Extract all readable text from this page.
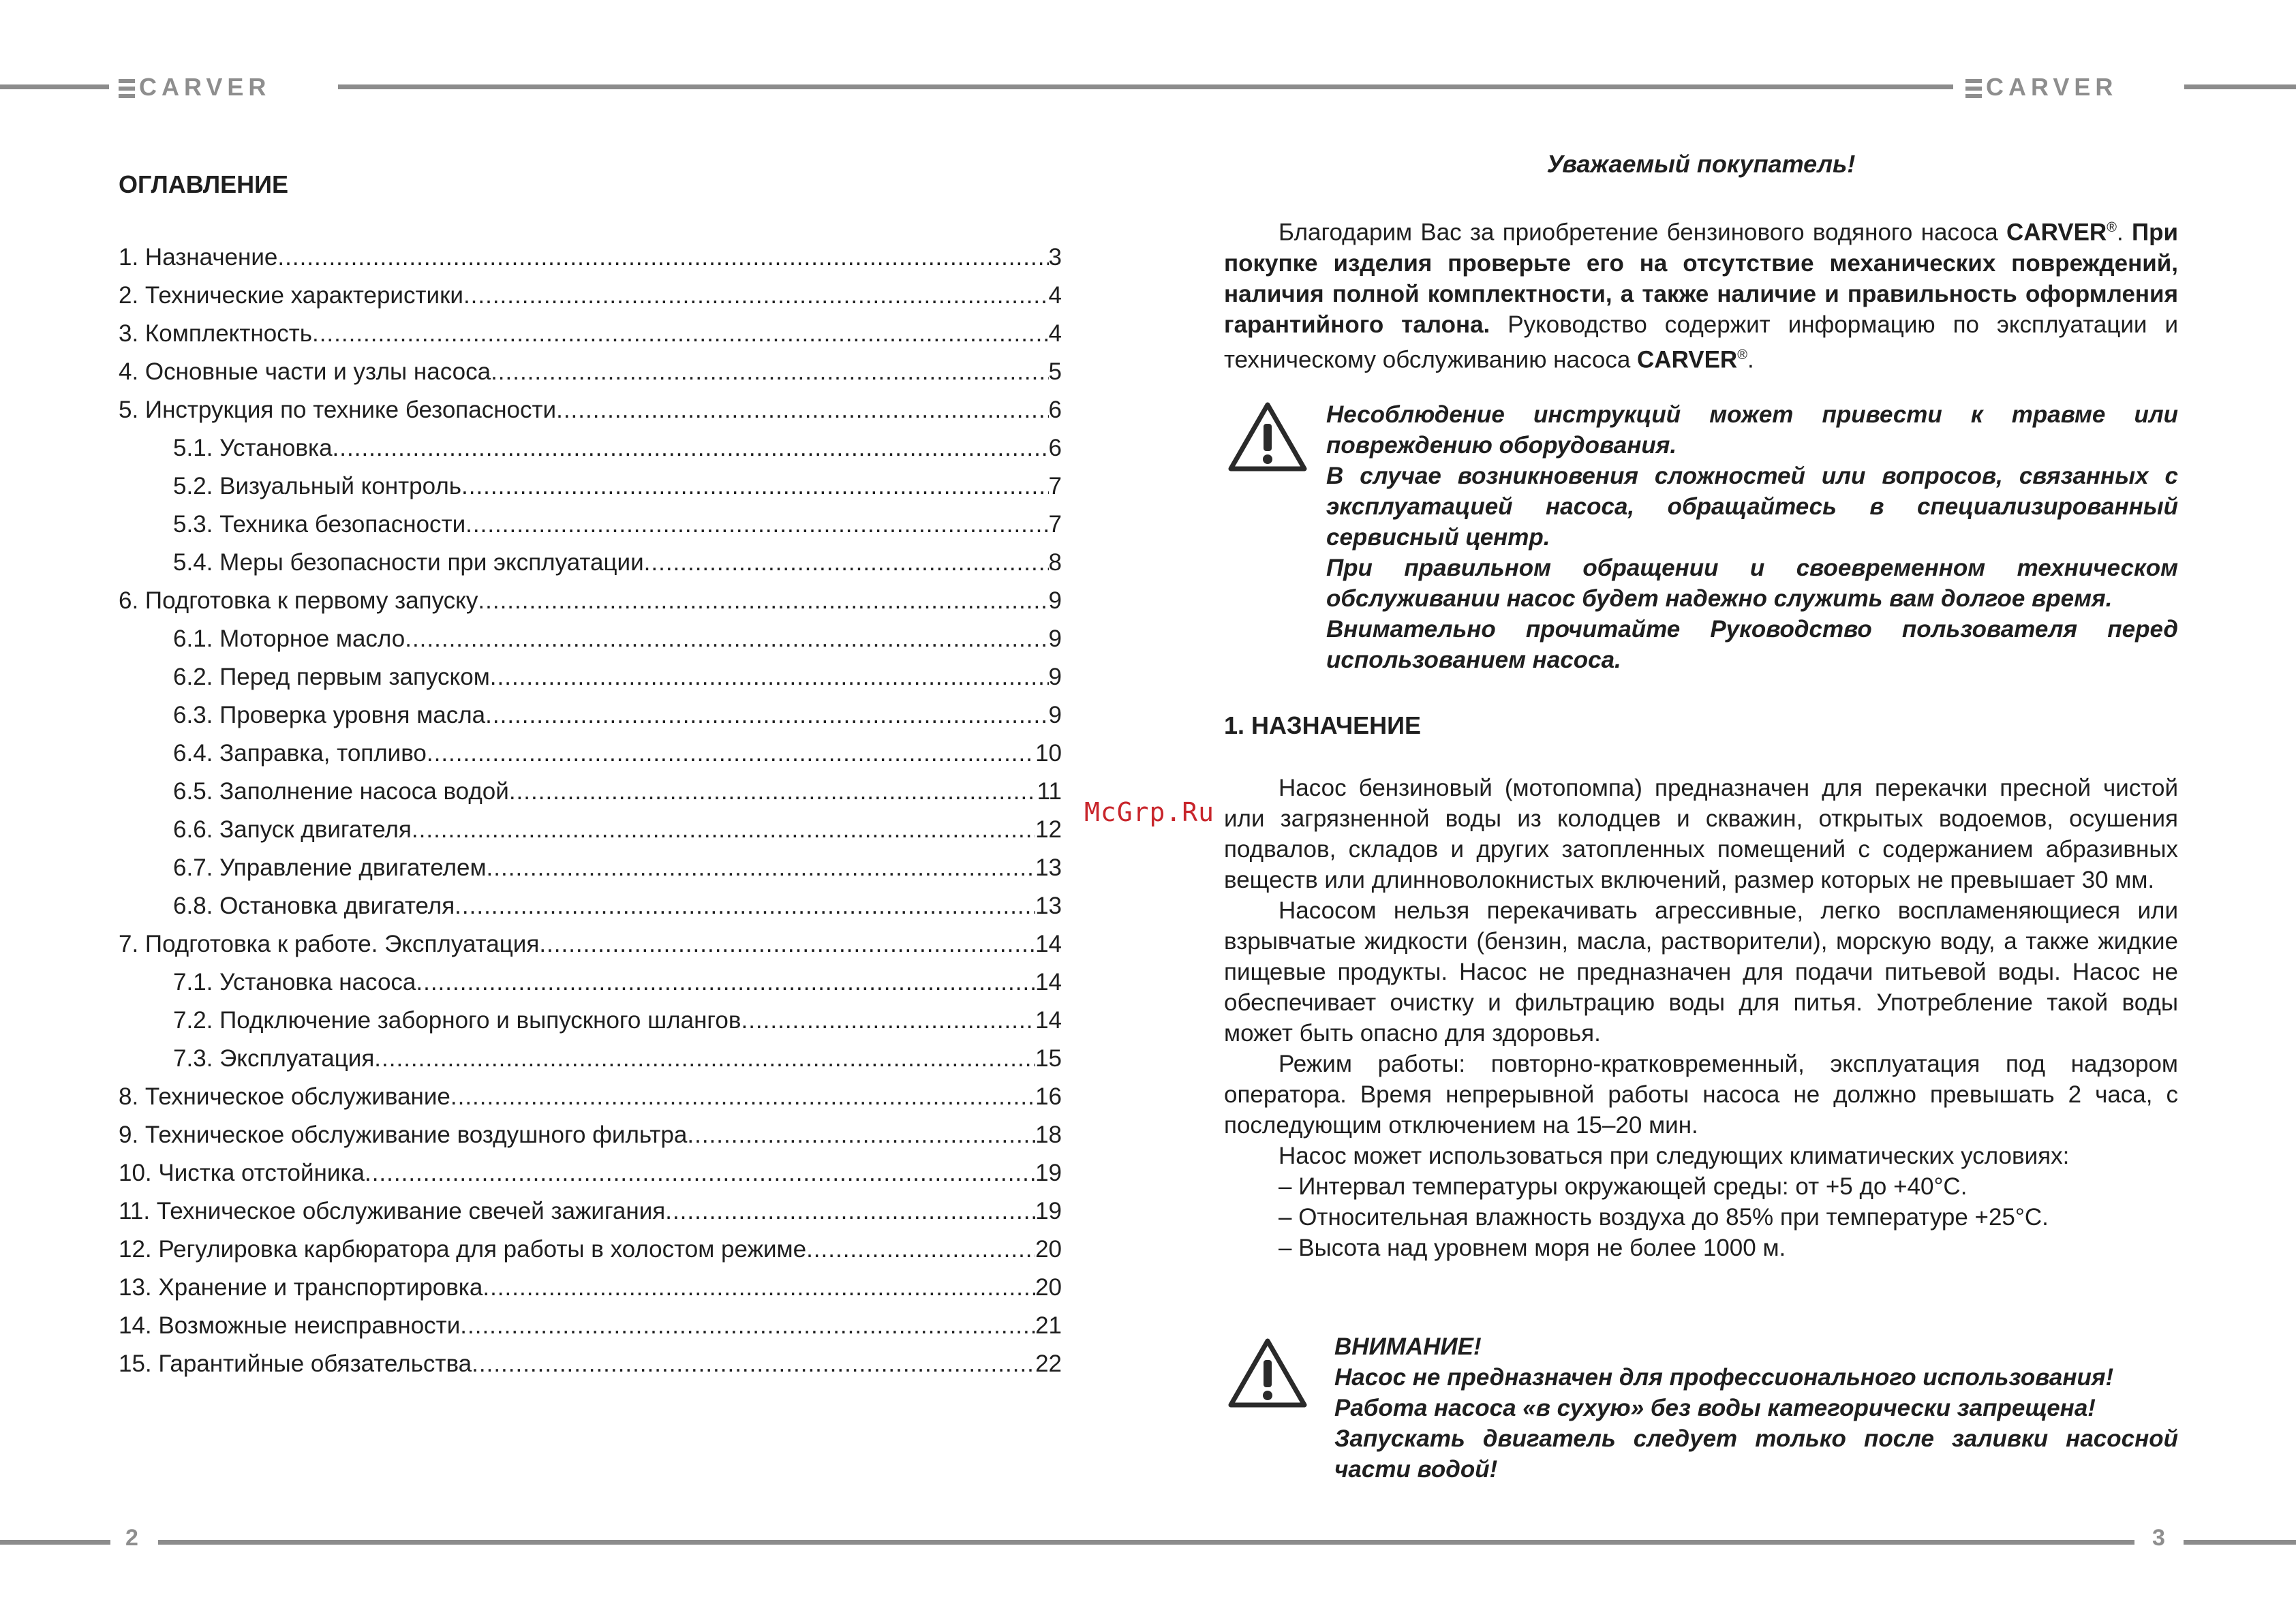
CARVER	CARVER
2	3
ОГЛАВЛЕНИЕ
1. Назначение .....	3
2. Технические характеристики .....	4
3. Комплектность .....	4
4. Основные части и узлы насоса .....	5
5. Инструкция по технике безопасности .....	6
5.1. Установка .....	6
5.2. Визуальный контроль .....	7
5.3. Техника безопасности .....	7
5.4. Меры безопасности при эксплуатации .....	8
6. Подготовка к первому запуску .....	9
6.1. Моторное масло .....	9
6.2. Перед первым запуском .....	9
6.3. Проверка уровня масла .....	9
6.4. Заправка, топливо .....	10
6.5. Заполнение насоса водой .....	11
6.6. Запуск двигателя .....	12
6.7. Управление двигателем .....	13
6.8. Остановка двигателя .....	13
7. Подготовка к работе. Эксплуатация .....	14
7.1. Установка насоса .....	14
7.2. Подключение заборного и выпускного шлангов .....	14
7.3. Эксплуатация .....	15
8. Техническое обслуживание .....	16
9. Техническое обслуживание воздушного фильтра .....	18
10. Чистка отстойника .....	19
11. Техническое обслуживание свечей зажигания .....	19
12. Регулировка карбюратора для работы в холостом режиме .....	20
13. Хранение и транспортировка .....	20
14. Возможные неисправности .....	21
15. Гарантийные обязательства .....	22
McGrp.Ru
Уважаемый покупатель!

Благодарим Вас за приобретение бензинового водяного насоса CARVER®. При покупке изделия проверьте его на отсутствие механических повреждений, наличия полной комплектности, а также наличие и правильность оформления гарантийного талона. Руководство содержит информацию по эксплуатации и техническому обслуживанию насоса CARVER®.

Несоблюдение инструкций может привести к травме или повреждению оборудования.

В случае возникновения сложностей или вопросов, связанных с эксплуатацией насоса, обращайтесь в специализированный сервисный центр.

При правильном обращении и своевременном техническом обслуживании насос будет надежно служить вам долгое время.

Внимательно прочитайте Руководство пользователя перед использованием насоса.

1. НАЗНАЧЕНИЕ

Насос бензиновый (мотопомпа) предназначен для перекачки пресной чистой или загрязненной воды из колодцев и скважин, открытых водоемов, осушения подвалов, складов и других затопленных помещений с содержанием абразивных веществ или длинноволокнистых включений, размер которых не превышает 30 мм.

Насосом нельзя перекачивать агрессивные, легко воспламеняющиеся или взрывчатые жидкости (бензин, масла, растворители), морскую воду, а также жидкие пищевые продукты. Насос не предназначен для подачи питьевой воды. Насос не обеспечивает очистку и фильтрацию воды для питья. Употребление такой воды может быть опасно для здоровья.

Режим работы: повторно-кратковременный, эксплуатация под надзором оператора. Время непрерывной работы насоса не должно превышать 2 часа, с последующим отключением на 15–20 мин.

Насос может использоваться при следующих климатических условиях:

– Интервал температуры окружающей среды: от +5 до +40°С.
– Относительная влажность воздуха до 85% при температуре +25°С.
– Высота над уровнем моря не более 1000 м.

ВНИМАНИЕ!

Насос не предназначен для профессионального использования!

Работа насоса «в сухую» без воды категорически запрещена!

Запускать двигатель следует только после заливки насосной части водой!
